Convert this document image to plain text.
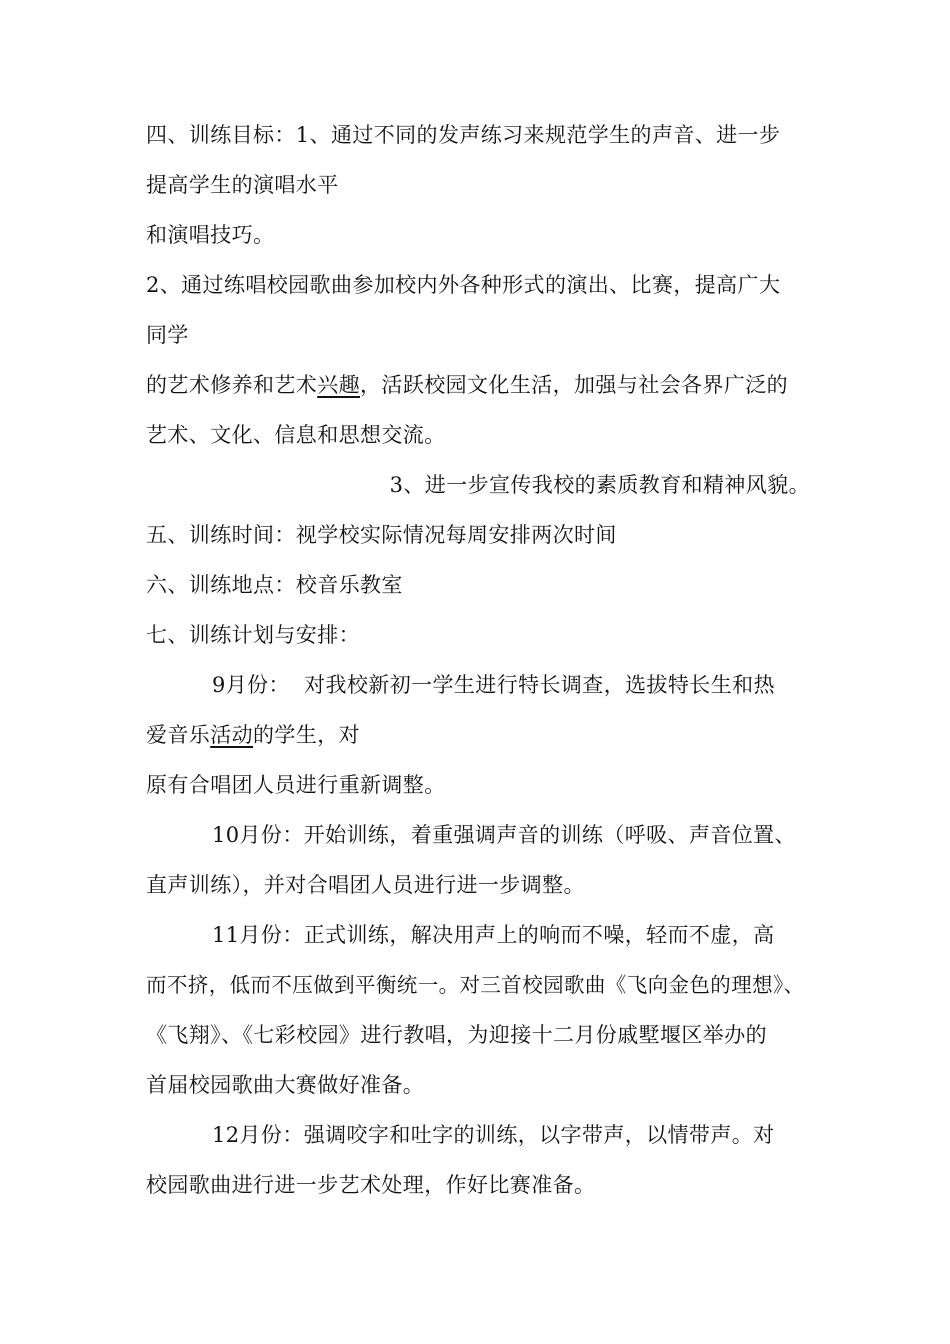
四、训练目标：1、通过不同的发声练习来规范学生的声音、进一步
提高学生的演唱水平
和演唱技巧。
2、通过练唱校园歌曲参加校内外各种形式的演出、比赛，提高广大
同学
的艺术修养和艺术兴趣，活跃校园文化生活，加强与社会各界广泛的
艺术、文化、信息和思想交流。
3、进一步宣传我校的素质教育和精神风貌。
五、训练时间：视学校实际情况每周安排两次时间
六、训练地点：校音乐教室
七、训练计划与安排：
9月份：  对我校新初一学生进行特长调查，选拔特长生和热
爱音乐活动的学生，对
原有合唱团人员进行重新调整。
10月份：开始训练，着重强调声音的训练（呼吸、声音位置、
直声训练），并对合唱团人员进行进一步调整。
11月份：正式训练，解决用声上的响而不噪，轻而不虚，高
而不挤，低而不压做到平衡统一。对三首校园歌曲《飞向金色的理想》、
《飞翔》、《七彩校园》进行教唱，为迎接十二月份戚墅堰区举办的
首届校园歌曲大赛做好准备。
12月份：强调咬字和吐字的训练，以字带声，以情带声。对
校园歌曲进行进一步艺术处理，作好比赛准备。
